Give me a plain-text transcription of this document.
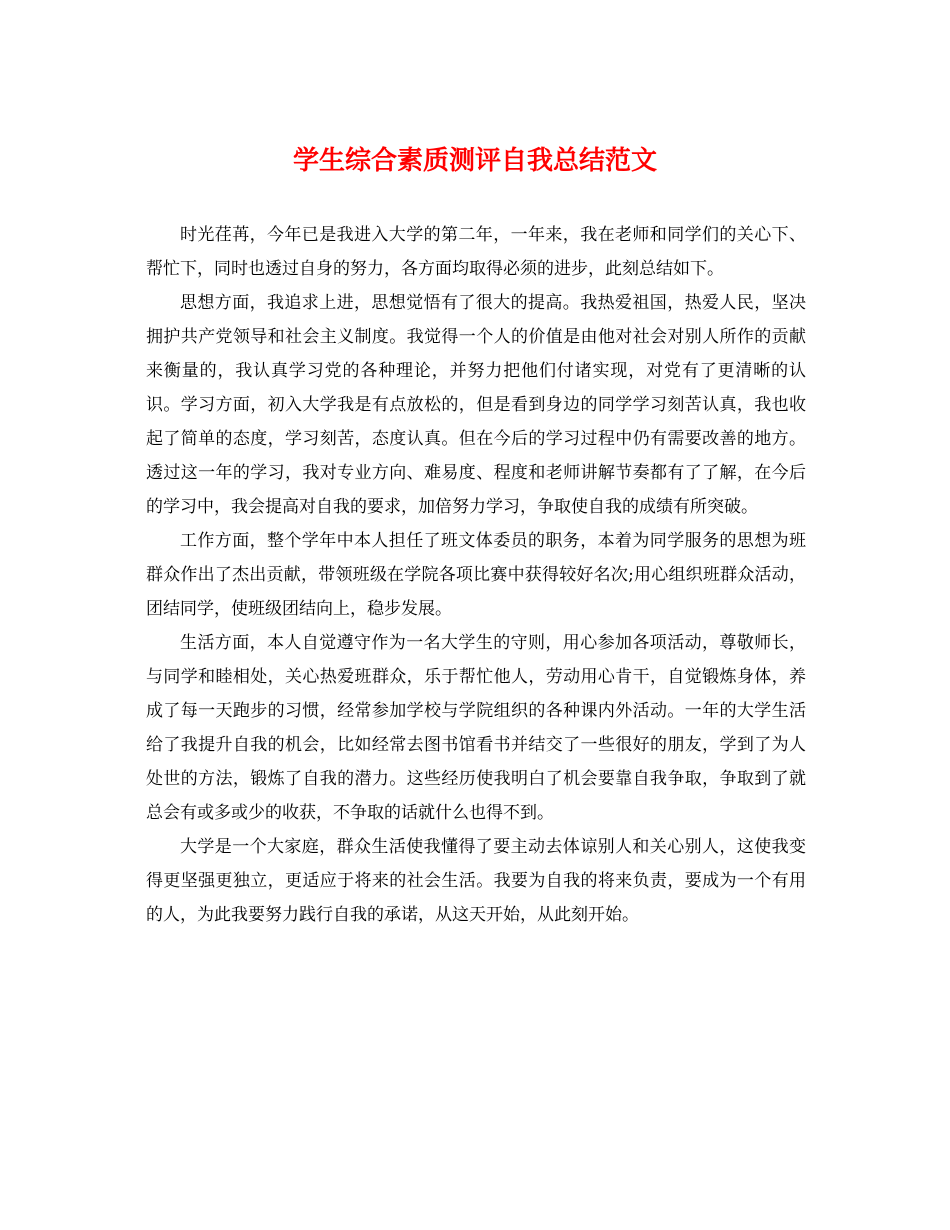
学生综合素质测评自我总结范文

时光荏苒，今年已是我进入大学的第二年，一年来，我在老师和同学们的关心下、帮忙下，同时也透过自身的努力，各方面均取得必须的进步，此刻总结如下。

思想方面，我追求上进，思想觉悟有了很大的提高。我热爱祖国，热爱人民，坚决拥护共产党领导和社会主义制度。我觉得一个人的价值是由他对社会对别人所作的贡献来衡量的，我认真学习党的各种理论，并努力把他们付诸实现，对党有了更清晰的认识。学习方面，初入大学我是有点放松的，但是看到身边的同学学习刻苦认真，我也收起了简单的态度，学习刻苦，态度认真。但在今后的学习过程中仍有需要改善的地方。透过这一年的学习，我对专业方向、难易度、程度和老师讲解节奏都有了了解，在今后的学习中，我会提高对自我的要求，加倍努力学习，争取使自我的成绩有所突破。

工作方面，整个学年中本人担任了班文体委员的职务，本着为同学服务的思想为班群众作出了杰出贡献，带领班级在学院各项比赛中获得较好名次;用心组织班群众活动，团结同学，使班级团结向上，稳步发展。

生活方面，本人自觉遵守作为一名大学生的守则，用心参加各项活动，尊敬师长，与同学和睦相处，关心热爱班群众，乐于帮忙他人，劳动用心肯干，自觉锻炼身体，养成了每一天跑步的习惯，经常参加学校与学院组织的各种课内外活动。一年的大学生活给了我提升自我的机会，比如经常去图书馆看书并结交了一些很好的朋友，学到了为人处世的方法，锻炼了自我的潜力。这些经历使我明白了机会要靠自我争取，争取到了就总会有或多或少的收获，不争取的话就什么也得不到。

大学是一个大家庭，群众生活使我懂得了要主动去体谅别人和关心别人，这使我变得更坚强更独立，更适应于将来的社会生活。我要为自我的将来负责，要成为一个有用的人，为此我要努力践行自我的承诺，从这天开始，从此刻开始。
